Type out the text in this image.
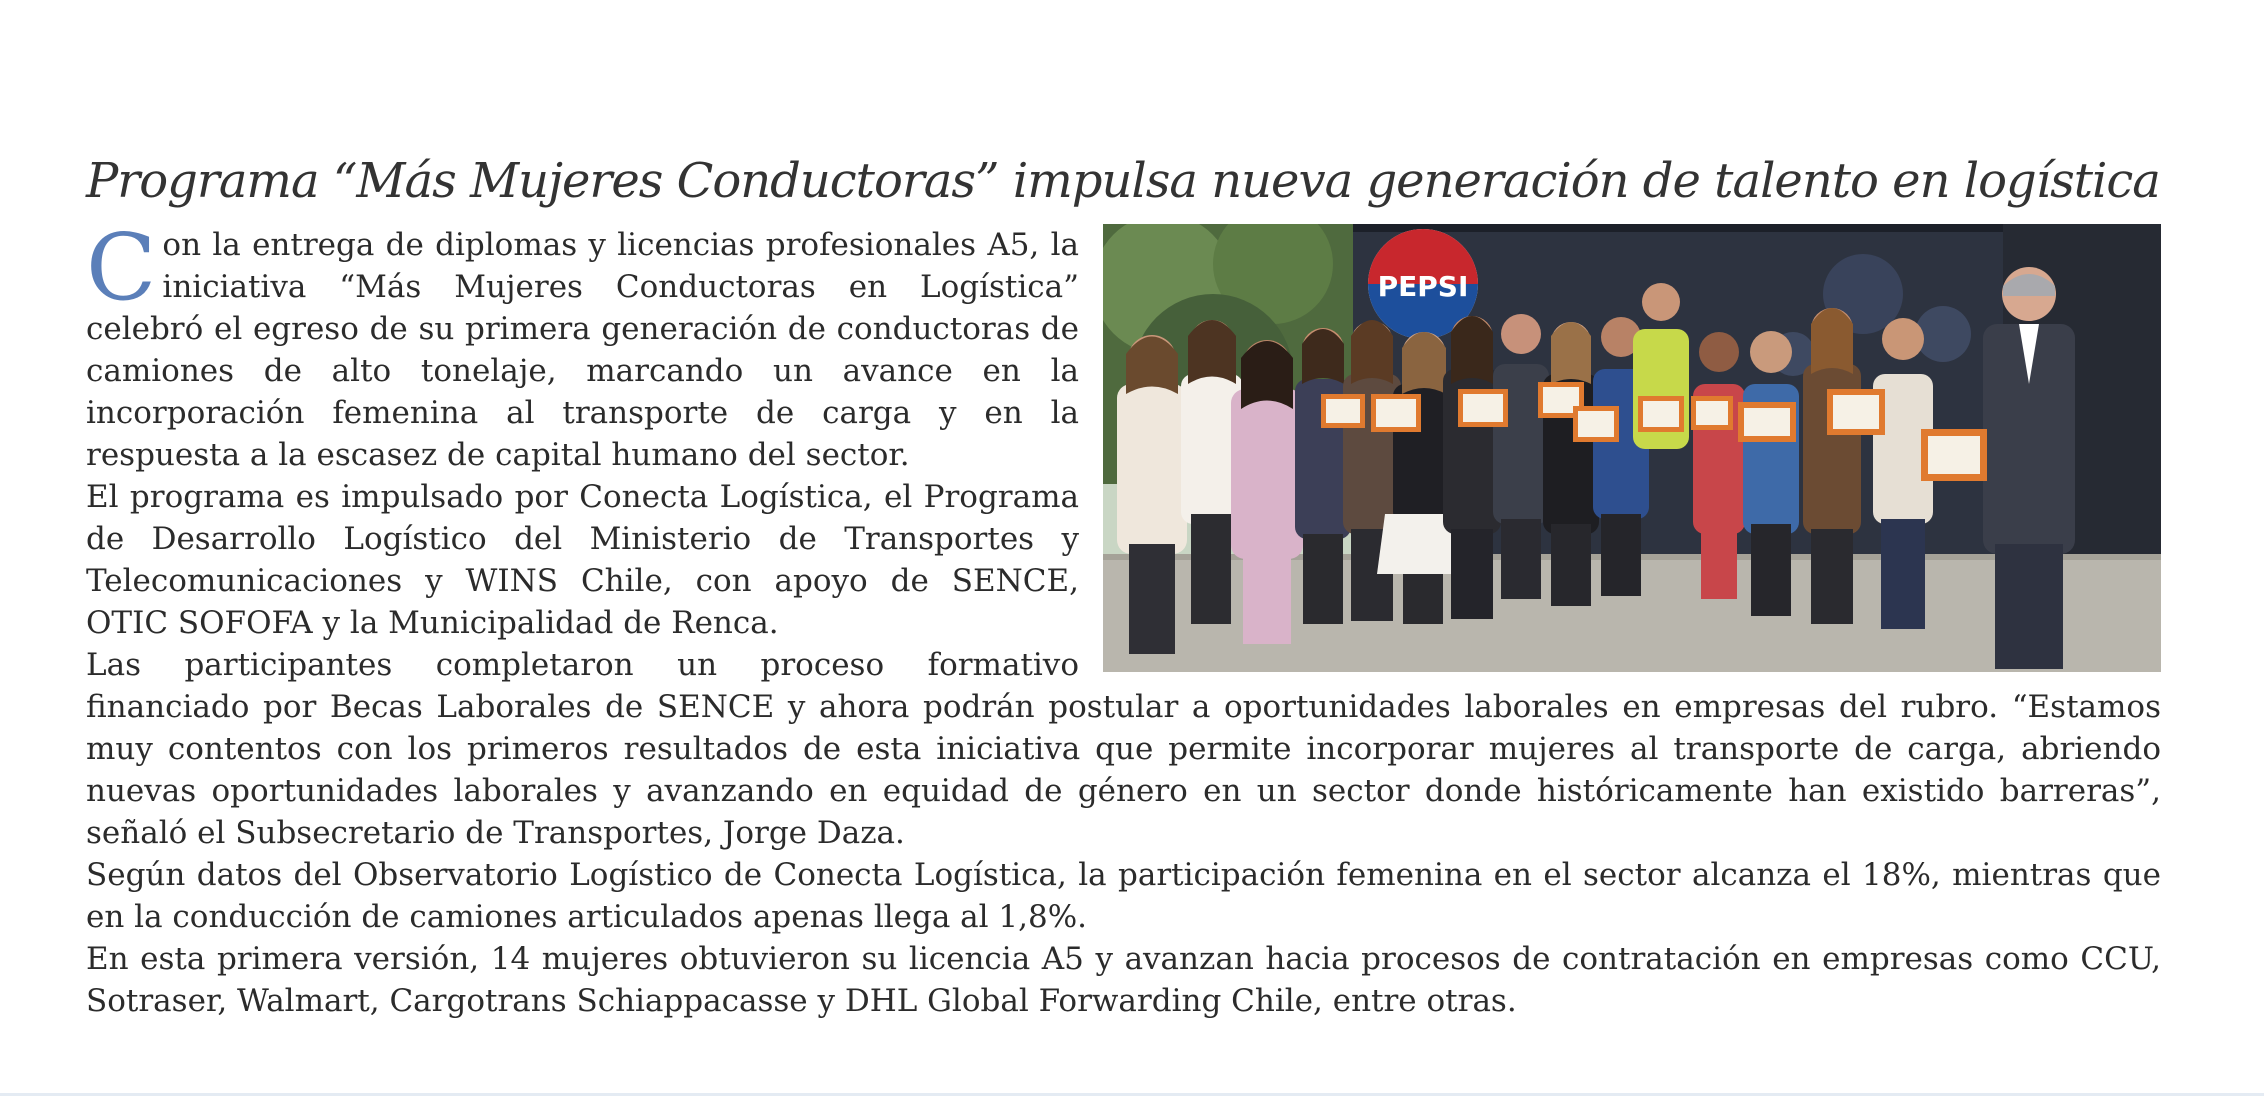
Programa “Más Mujeres Conductoras” impulsa nueva generación de talento en logística
PEPSI
C on la entrega de diplomas y licencias profesionales A5, la iniciativa “Más Mujeres Conductoras en Logística” celebró el egreso de su primera generación de conductoras de camiones de alto tonelaje, marcando un avance en la incorporación femenina al transporte de carga y en la respuesta a la escasez de capital humano del sector.

El programa es impulsado por Conecta Logística, el Programa de Desarrollo Logístico del Ministerio de Transportes y Telecomunicaciones y WINS Chile, con apoyo de SENCE, OTIC SOFOFA y la Municipalidad de Renca.

Las participantes completaron un proceso formativo financiado por Becas Laborales de SENCE y ahora podrán postular a oportunidades laborales en empresas del rubro. “Estamos muy contentos con los primeros resultados de esta iniciativa que permite incorporar mujeres al transporte de carga, abriendo nuevas oportunidades laborales y avanzando en equidad de género en un sector donde históricamente han existido barreras”, señaló el Subsecretario de Transportes, Jorge Daza.

Según datos del Observatorio Logístico de Conecta Logística, la participación femenina en el sector alcanza el 18%, mientras que en la conducción de camiones articulados apenas llega al 1,8%.

En esta primera versión, 14 mujeres obtuvieron su licencia A5 y avanzan hacia procesos de contratación en empresas como CCU, Sotraser, Walmart, Cargotrans Schiappacasse y DHL Global Forwarding Chile, entre otras.
